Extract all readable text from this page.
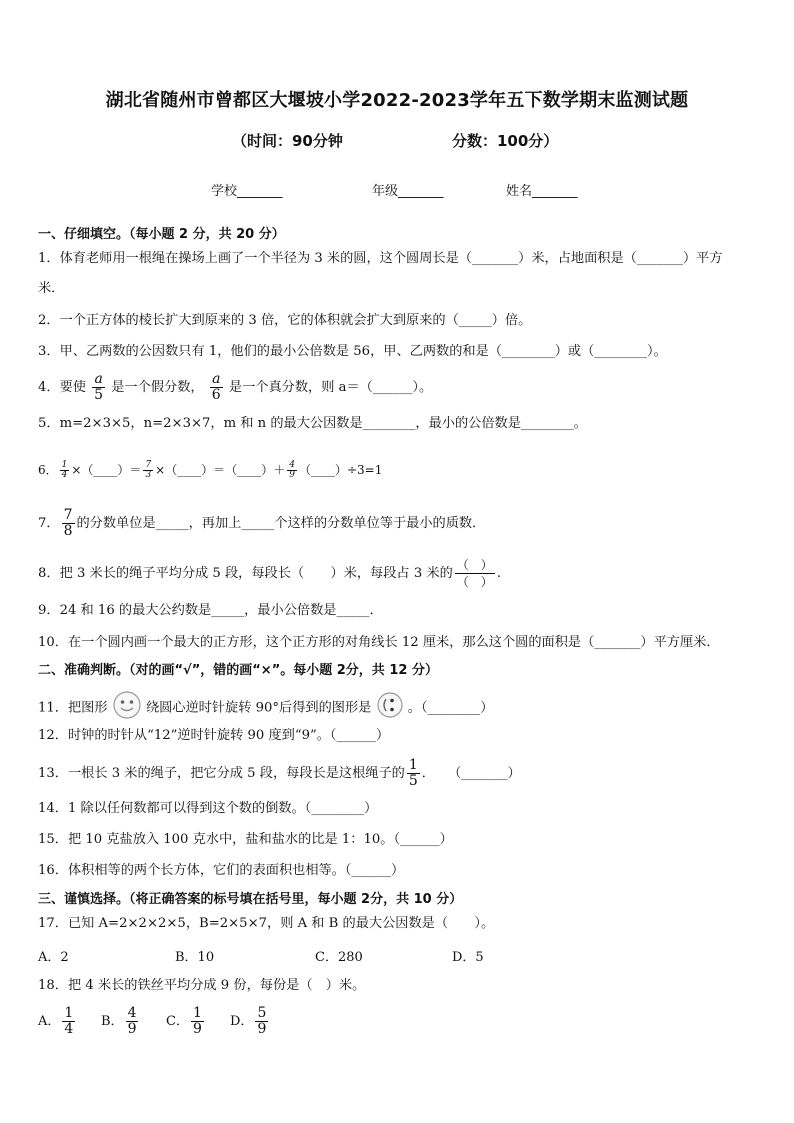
湖北省随州市曾都区大堰坡小学2022-2023学年五下数学期末监测试题
（时间：90分钟	分数：100分）
学校_______	年级_______	姓名_______
一、仔细填空。（每小题 2 分，共 20 分）
1．体育老师用一根绳在操场上画了一个半径为 3 米的圆，这个圆周长是（_______）米，占地面积是（_______）平方
米．
2．一个正方体的棱长扩大到原来的 3 倍，它的体积就会扩大到原来的（_____）倍。
3．甲、乙两数的公因数只有 1，他们的最小公倍数是 56，甲、乙两数的和是（________）或（________）。
4．要使 $\frac{a}{5}$ 是一个假分数， $\frac{a}{6}$ 是一个真分数，则 a＝（______）。
5．m=2×3×5，n=2×3×7，m 和 n 的最大公因数是________，最小的公倍数是________。
6． $\frac{1}{4}$ ×（____）＝ $\frac{7}{3}$ ×（____）＝（____）＋ $\frac{4}{9}$ （____）÷3=1
7． $\frac{7}{8}$ 的分数单位是_____，再加上_____个这样的分数单位等于最小的质数．
8．把 3 米长的绳子平均分成 5 段，每段长（　　）米，每段占 3 米的 $\frac{( )}{( )}$ .
9．24 和 16 的最大公约数是_____，最小公倍数是_____．
10．在一个圆内画一个最大的正方形，这个正方形的对角线长 12 厘米，那么这个圆的面积是（_______）平方厘米．
二、准确判断。（对的画“√”，错的画“×”。每小题 2分，共 12 分）
11．把图形	绕圆心逆时针旋转 90°后得到的图形是	。（________）
12．时钟的时针从“12”逆时针旋转 90 度到“9”。（______）
13．一根长 3 米的绳子，把它分成 5 段，每段长是这根绳子的 $\frac{1}{5}$ ．　　（_______）
14．1 除以任何数都可以得到这个数的倒数。（________）
15．把 10 克盐放入 100 克水中，盐和盐水的比是 1：10。（______）
16．体积相等的两个长方体，它们的表面积也相等。（______）
三、谨慎选择。（将正确答案的标号填在括号里，每小题 2分，共 10 分）
17．已知 A=2×2×2×5，B=2×5×7，则 A 和 B 的最大公因数是（　　）。
A．2	B．10	C．280	D．5
18．把 4 米长的铁丝平均分成 9 份，每份是（　）米。
A． $\frac{1}{4}$ B． $\frac{4}{9}$ C． $\frac{1}{9}$ D． $\frac{5}{9}$
